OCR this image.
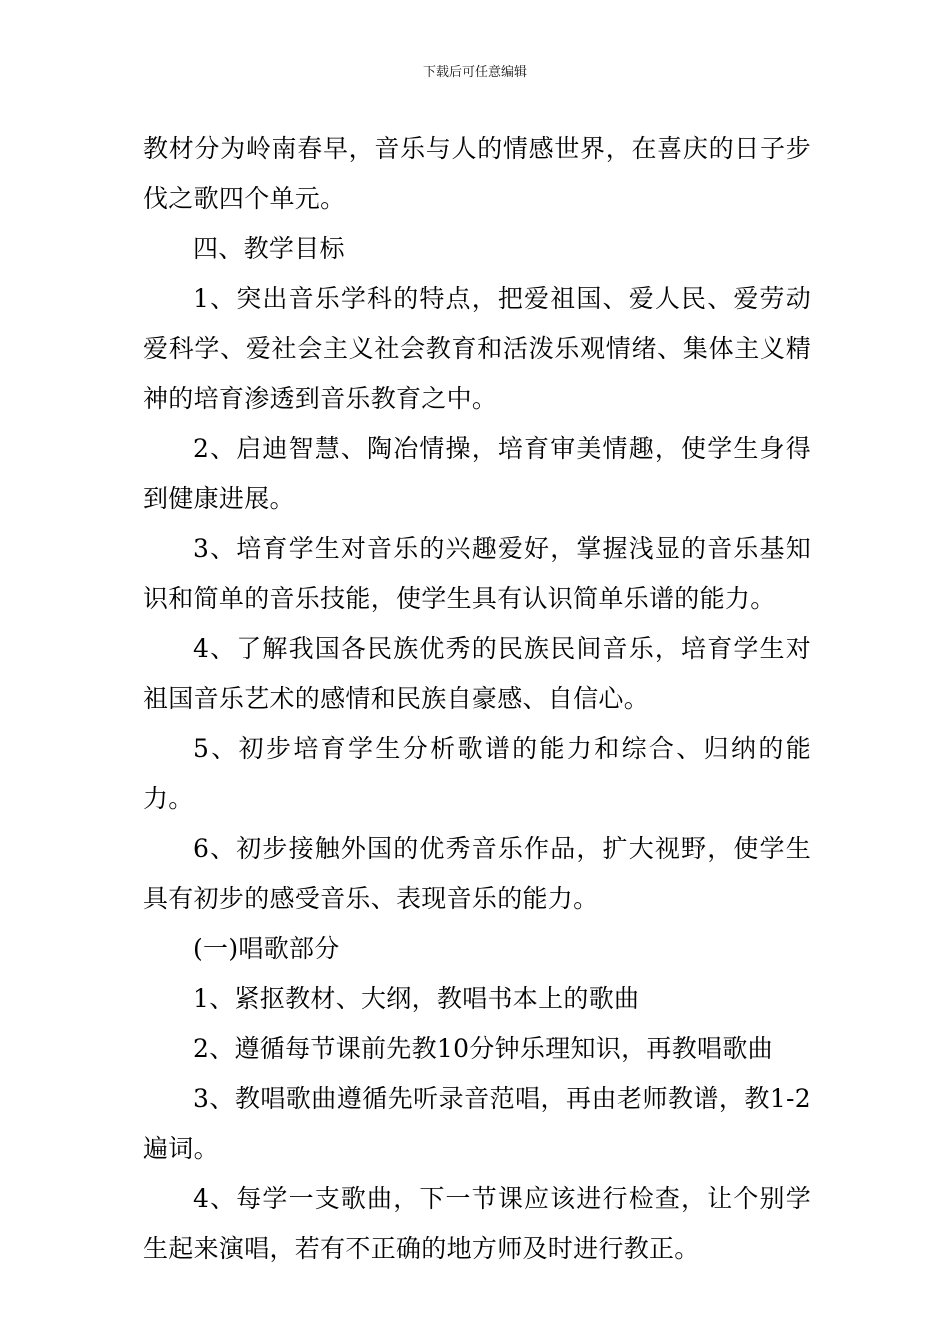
下载后可任意编辑

教材分为岭南春早，音乐与人的情感世界，在喜庆的日子步伐之歌四个单元。

四、教学目标

1、突出音乐学科的特点，把爱祖国、爱人民、爱劳动爱科学、爱社会主义社会教育和活泼乐观情绪、集体主义精神的培育渗透到音乐教育之中。

2、启迪智慧、陶冶情操，培育审美情趣，使学生身得到健康进展。

3、培育学生对音乐的兴趣爱好，掌握浅显的音乐基知识和简单的音乐技能，使学生具有认识简单乐谱的能力。

4、了解我国各民族优秀的民族民间音乐，培育学生对祖国音乐艺术的感情和民族自豪感、自信心。

5、初步培育学生分析歌谱的能力和综合、归纳的能力。

6、初步接触外国的优秀音乐作品，扩大视野，使学生具有初步的感受音乐、表现音乐的能力。

(一)唱歌部分

1、紧抠教材、大纲，教唱书本上的歌曲

2、遵循每节课前先教10分钟乐理知识，再教唱歌曲

3、教唱歌曲遵循先听录音范唱，再由老师教谱，教1-2遍词。

4、每学一支歌曲，下一节课应该进行检查，让个别学生起来演唱，若有不正确的地方师及时进行教正。
